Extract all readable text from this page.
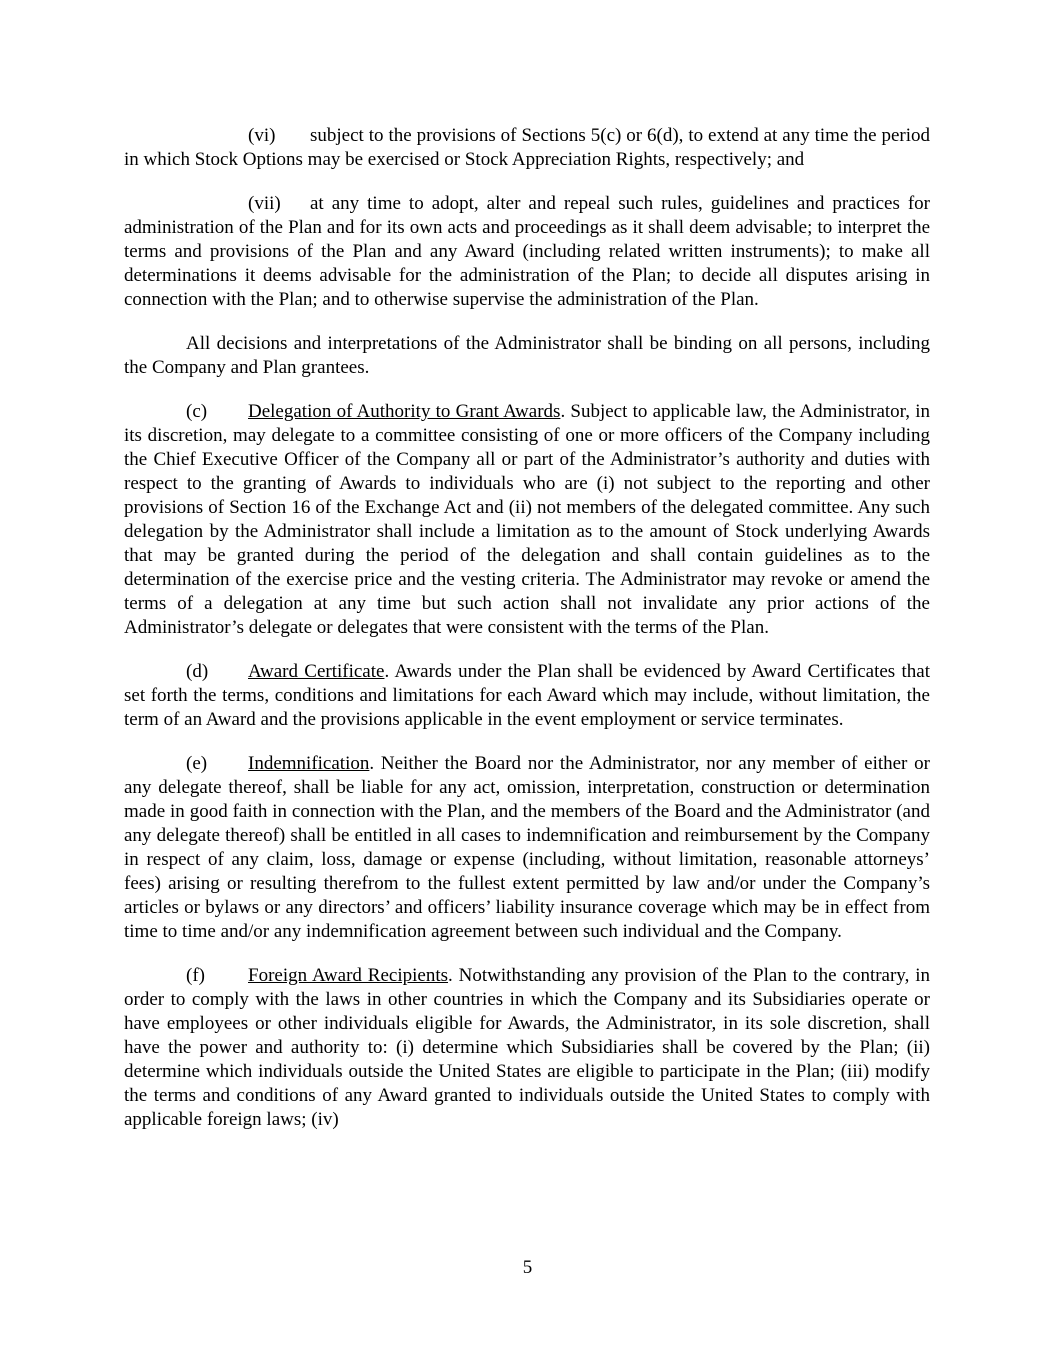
(vi) subject to the provisions of Sections 5(c) or 6(d), to extend at any time the period in which Stock Options may be exercised or Stock Appreciation Rights, respectively; and

(vii) at any time to adopt, alter and repeal such rules, guidelines and practices for administration of the Plan and for its own acts and proceedings as it shall deem advisable; to interpret the terms and provisions of the Plan and any Award (including related written instruments); to make all determinations it deems advisable for the administration of the Plan; to decide all disputes arising in connection with the Plan; and to otherwise supervise the administration of the Plan.

All decisions and interpretations of the Administrator shall be binding on all persons, including the Company and Plan grantees.

(c) Delegation of Authority to Grant Awards. Subject to applicable law, the Administrator, in its discretion, may delegate to a committee consisting of one or more officers of the Company including the Chief Executive Officer of the Company all or part of the Administrator’s authority and duties with respect to the granting of Awards to individuals who are (i) not subject to the reporting and other provisions of Section 16 of the Exchange Act and (ii) not members of the delegated committee. Any such delegation by the Administrator shall include a limitation as to the amount of Stock underlying Awards that may be granted during the period of the delegation and shall contain guidelines as to the determination of the exercise price and the vesting criteria. The Administrator may revoke or amend the terms of a delegation at any time but such action shall not invalidate any prior actions of the Administrator’s delegate or delegates that were consistent with the terms of the Plan.

(d) Award Certificate. Awards under the Plan shall be evidenced by Award Certificates that set forth the terms, conditions and limitations for each Award which may include, without limitation, the term of an Award and the provisions applicable in the event employment or service terminates.

(e) Indemnification. Neither the Board nor the Administrator, nor any member of either or any delegate thereof, shall be liable for any act, omission, interpretation, construction or determination made in good faith in connection with the Plan, and the members of the Board and the Administrator (and any delegate thereof) shall be entitled in all cases to indemnification and reimbursement by the Company in respect of any claim, loss, damage or expense (including, without limitation, reasonable attorneys’ fees) arising or resulting therefrom to the fullest extent permitted by law and/or under the Company’s articles or bylaws or any directors’ and officers’ liability insurance coverage which may be in effect from time to time and/or any indemnification agreement between such individual and the Company.

(f) Foreign Award Recipients. Notwithstanding any provision of the Plan to the contrary, in order to comply with the laws in other countries in which the Company and its Subsidiaries operate or have employees or other individuals eligible for Awards, the Administrator, in its sole discretion, shall have the power and authority to: (i) determine which Subsidiaries shall be covered by the Plan; (ii) determine which individuals outside the United States are eligible to participate in the Plan; (iii) modify the terms and conditions of any Award granted to individuals outside the United States to comply with applicable foreign laws; (iv)

5
